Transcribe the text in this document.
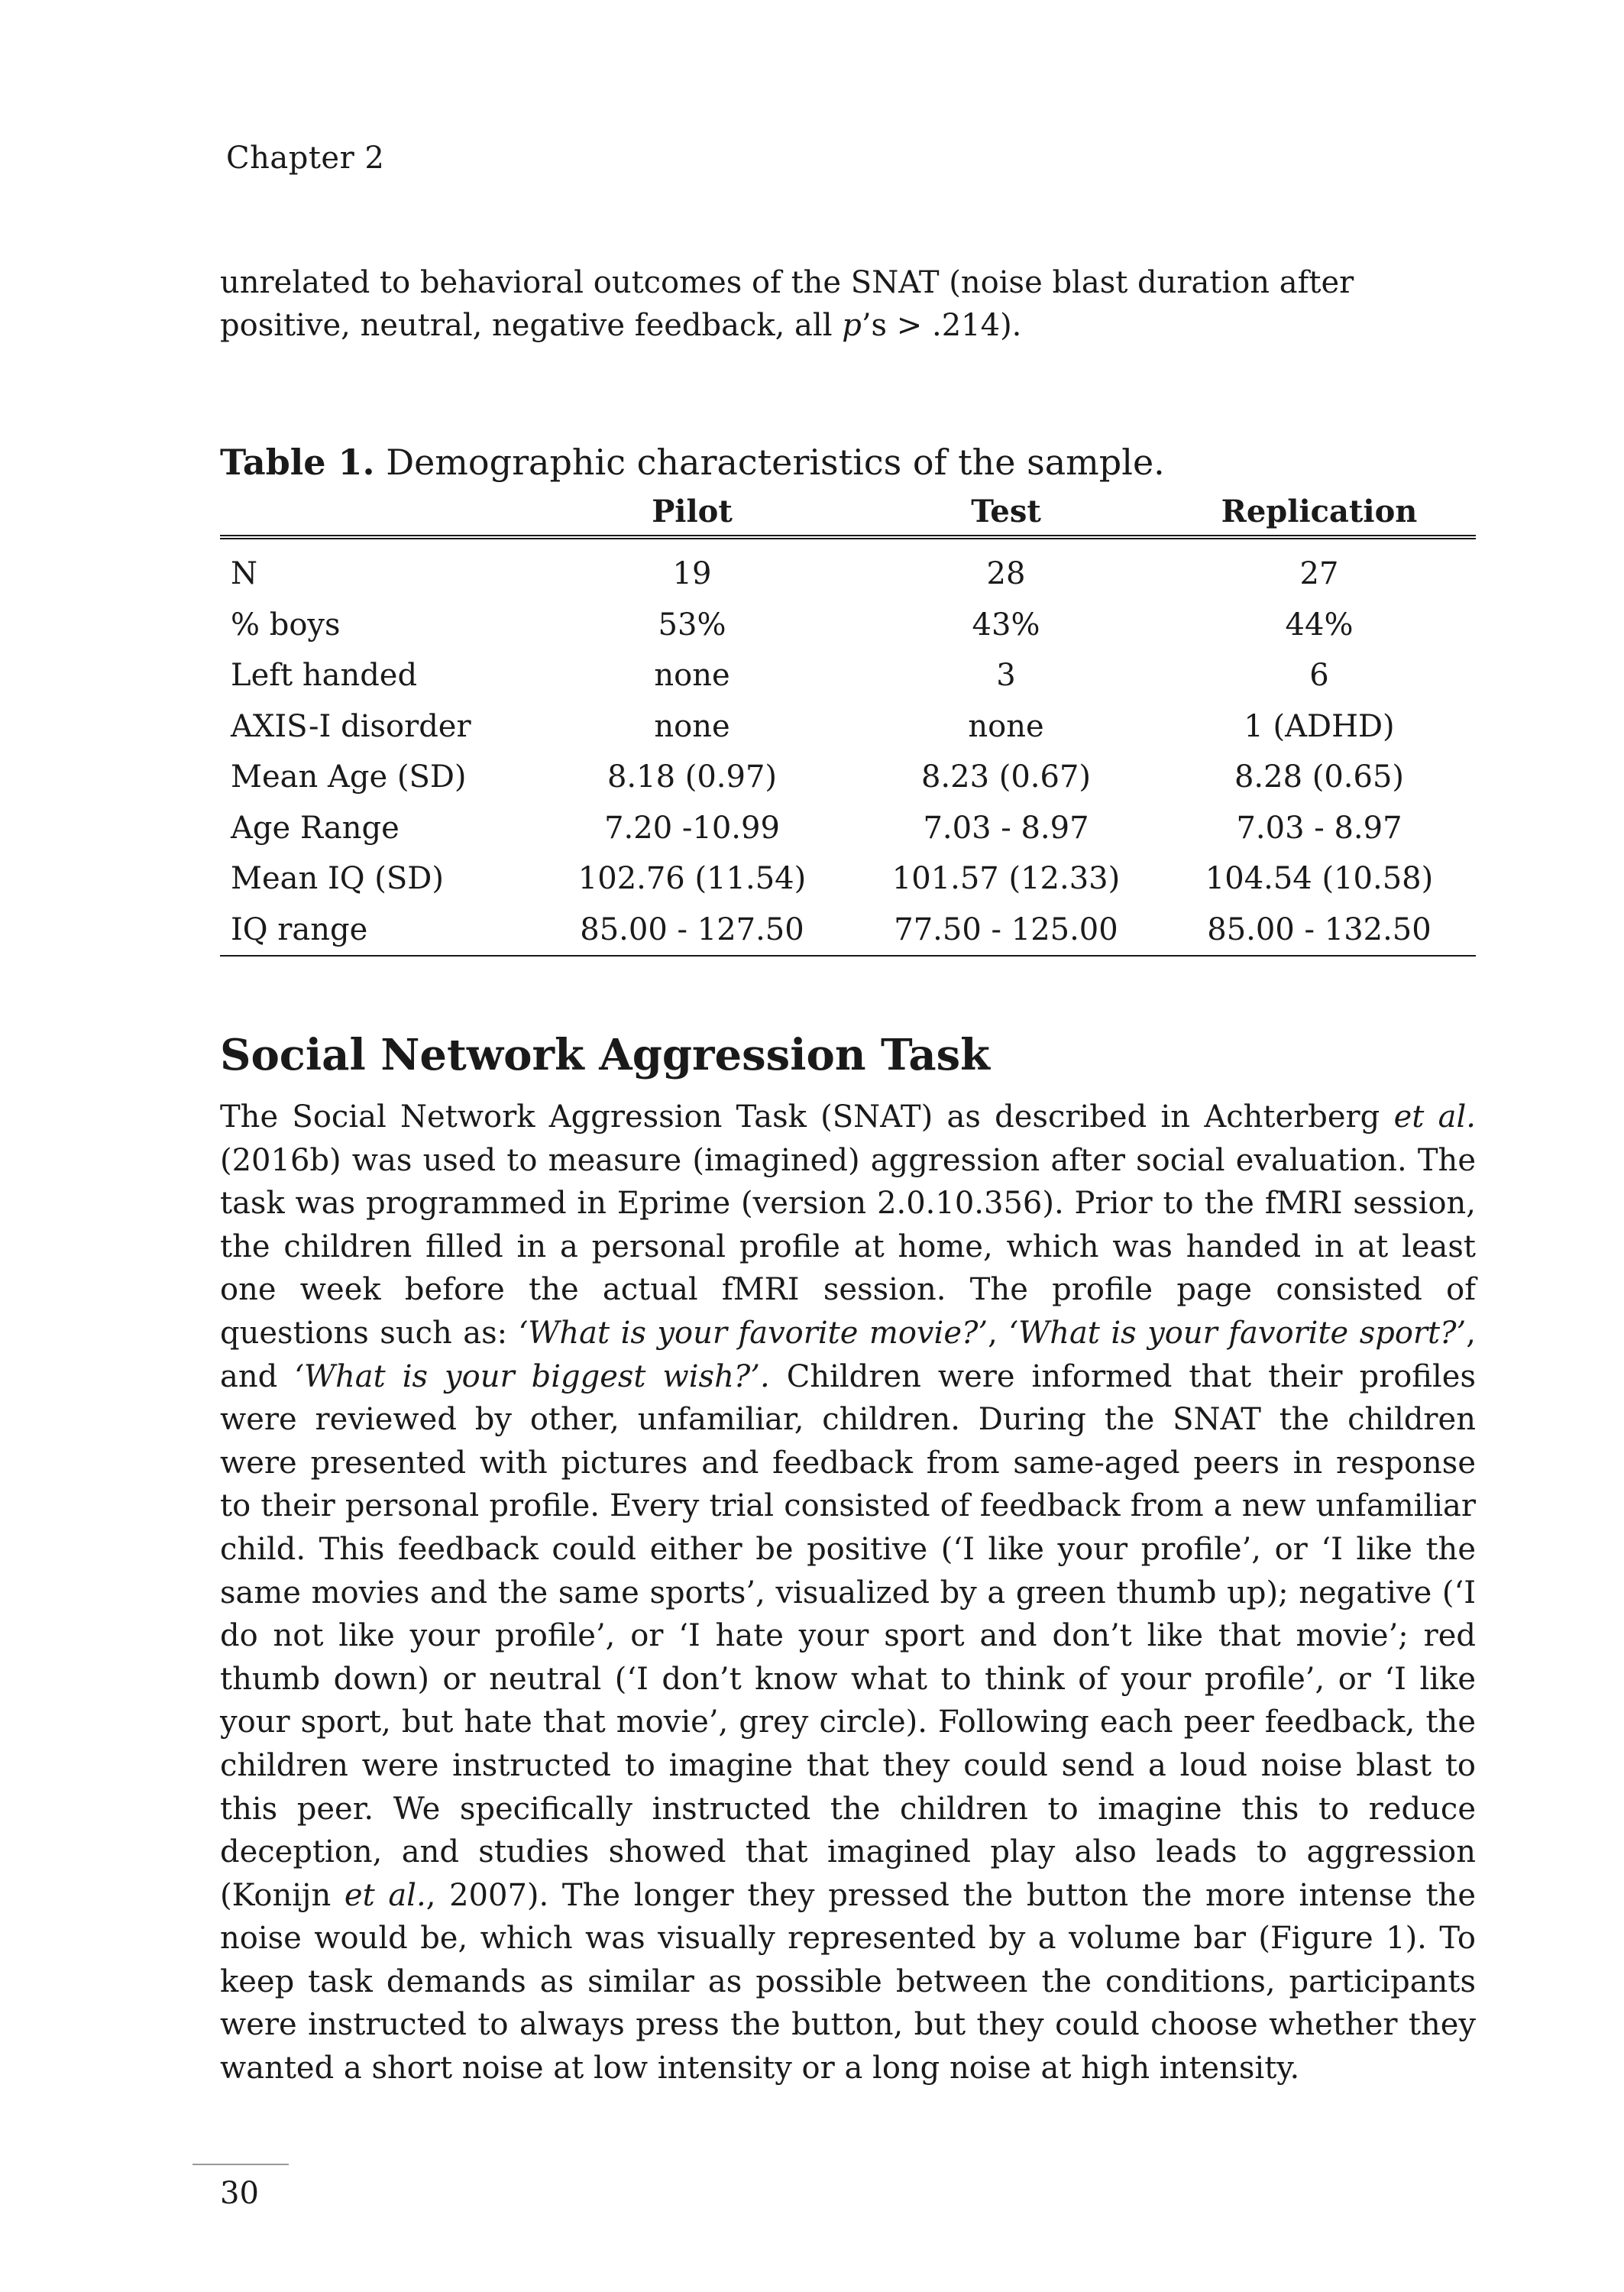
Chapter 2
unrelated to behavioral outcomes of the SNAT (noise blast duration after positive, neutral, negative feedback, all p’s > .214).
Table 1. Demographic characteristics of the sample.
	Pilot	Test	Replication
N	19	28	27
% boys	53%	43%	44%
Left handed	none	3	6
AXIS-I disorder	none	none	1 (ADHD)
Mean Age (SD)	8.18 (0.97)	8.23 (0.67)	8.28 (0.65)
Age Range	7.20 -10.99	7.03 - 8.97	7.03 - 8.97
Mean IQ (SD)	102.76 (11.54)	101.57 (12.33)	104.54 (10.58)
IQ range	85.00 - 127.50	77.50 - 125.00	85.00 - 132.50
Social Network Aggression Task
The Social Network Aggression Task (SNAT) as described in Achterberg et al. (2016b) was used to measure (imagined) aggression after social evaluation. The task was programmed in Eprime (version 2.0.10.356). Prior to the fMRI session, the children filled in a personal profile at home, which was handed in at least one week before the actual fMRI session. The profile page consisted of questions such as: ‘What is your favorite movie?’, ‘What is your favorite sport?’, and ‘What is your biggest wish?’. Children were informed that their profiles were reviewed by other, unfamiliar, children. During the SNAT the children were presented with pictures and feedback from same-aged peers in response to their personal profile. Every trial consisted of feedback from a new unfamiliar child. This feedback could either be positive (‘I like your profile’, or ‘I like the same movies and the same sports’, visualized by a green thumb up); negative (‘I do not like your profile’, or ‘I hate your sport and don’t like that movie’; red thumb down) or neutral (‘I don’t know what to think of your profile’, or ‘I like your sport, but hate that movie’, grey circle). Following each peer feedback, the children were instructed to imagine that they could send a loud noise blast to this peer. We specifically instructed the children to imagine this to reduce deception, and studies showed that imagined play also leads to aggression (Konijn et al., 2007). The longer they pressed the button the more intense the noise would be, which was visually represented by a volume bar (Figure 1). To keep task demands as similar as possible between the conditions, participants were instructed to always press the button, but they could choose whether they wanted a short noise at low intensity or a long noise at high intensity.
30
